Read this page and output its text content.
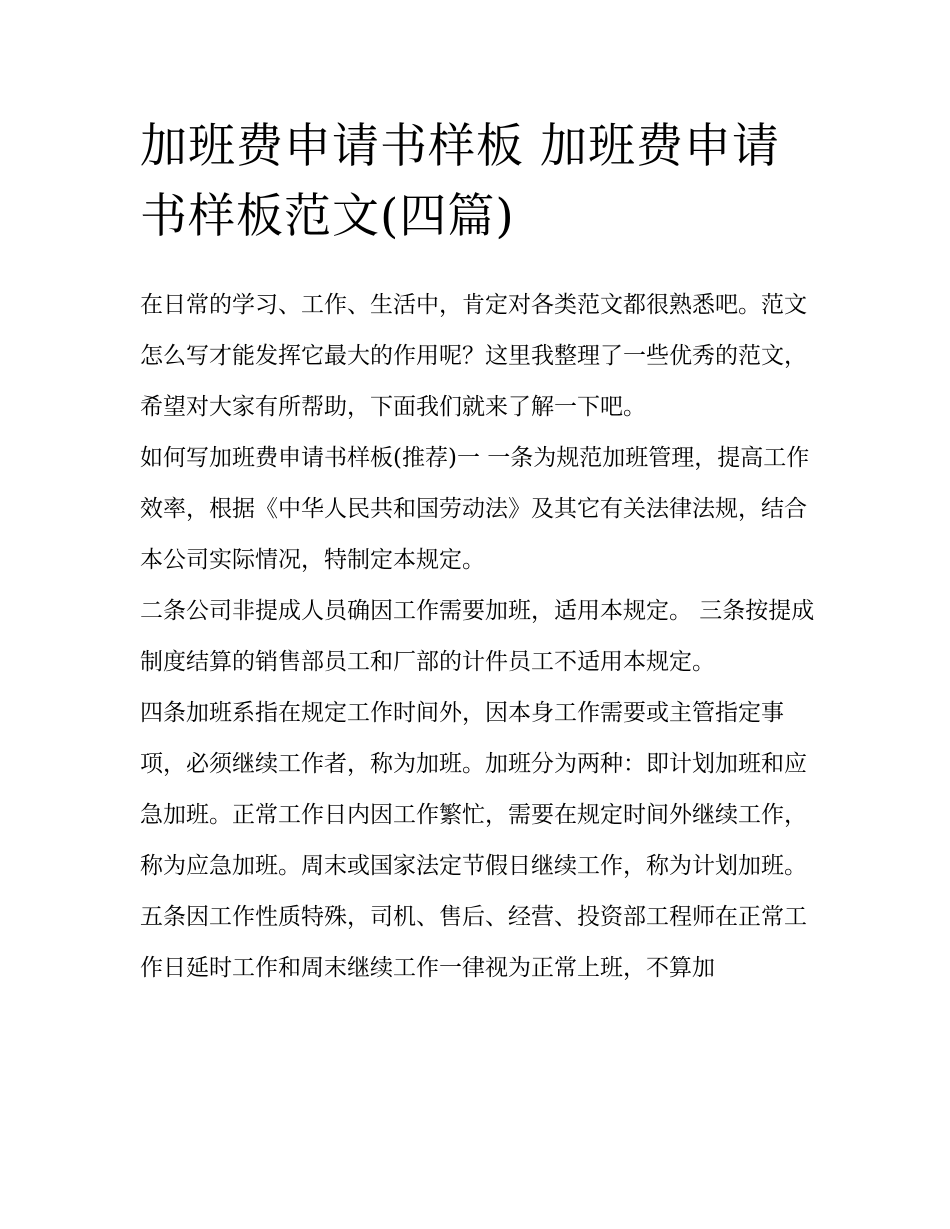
加班费申请书样板 加班费申请书样板范文(四篇)

在日常的学习、工作、生活中，肯定对各类范文都很熟悉吧。范文怎么写才能发挥它最大的作用呢？这里我整理了一些优秀的范文，希望对大家有所帮助，下面我们就来了解一下吧。

如何写加班费申请书样板(推荐)一 一条为规范加班管理，提高工作效率，根据《中华人民共和国劳动法》及其它有关法律法规，结合本公司实际情况，特制定本规定。

二条公司非提成人员确因工作需要加班，适用本规定。 三条按提成制度结算的销售部员工和厂部的计件员工不适用本规定。

四条加班系指在规定工作时间外，因本身工作需要或主管指定事项，必须继续工作者，称为加班。加班分为两种：即计划加班和应急加班。正常工作日内因工作繁忙，需要在规定时间外继续工作，称为应急加班。周末或国家法定节假日继续工作，称为计划加班。

五条因工作性质特殊，司机、售后、经营、投资部工程师在正常工作日延时工作和周末继续工作一律视为正常上班，不算加
